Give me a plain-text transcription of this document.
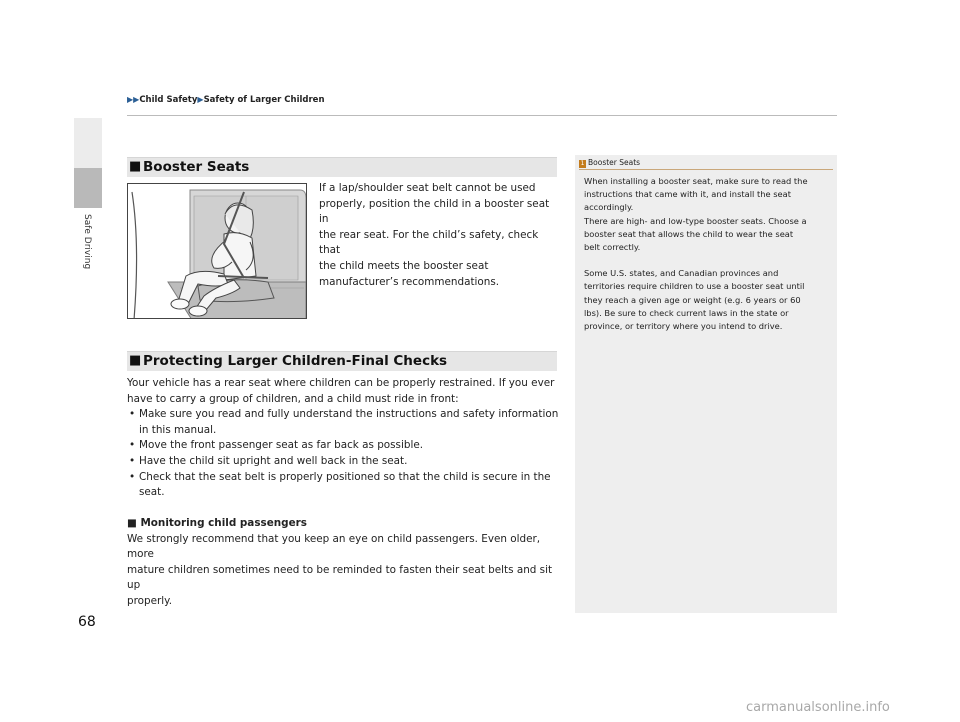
Safe Driving
▶▶Child Safety▶Safety of Larger Children
■ Booster Seats
If a lap/shoulder seat belt cannot be used
properly, position the child in a booster seat in
the rear seat. For the child’s safety, check that
the child meets the booster seat
manufacturer’s recommendations.
■ Protecting Larger Children-Final Checks
Your vehicle has a rear seat where children can be properly restrained. If you ever
have to carry a group of children, and a child must ride in front:
• Make sure you read and fully understand the instructions and safety information
in this manual.
• Move the front passenger seat as far back as possible.
• Have the child sit upright and well back in the seat.
• Check that the seat belt is properly positioned so that the child is secure in the
seat.
■ Monitoring child passengers
We strongly recommend that you keep an eye on child passengers. Even older, more
mature children sometimes need to be reminded to fasten their seat belts and sit up
properly.
1 Booster Seats

When installing a booster seat, make sure to read the

instructions that came with it, and install the seat

accordingly.

There are high- and low-type booster seats. Choose a

booster seat that allows the child to wear the seat

belt correctly.

Some U.S. states, and Canadian provinces and

territories require children to use a booster seat until

they reach a given age or weight (e.g. 6 years or 60

lbs). Be sure to check current laws in the state or

province, or territory where you intend to drive.

68
carmanualsonline.info
